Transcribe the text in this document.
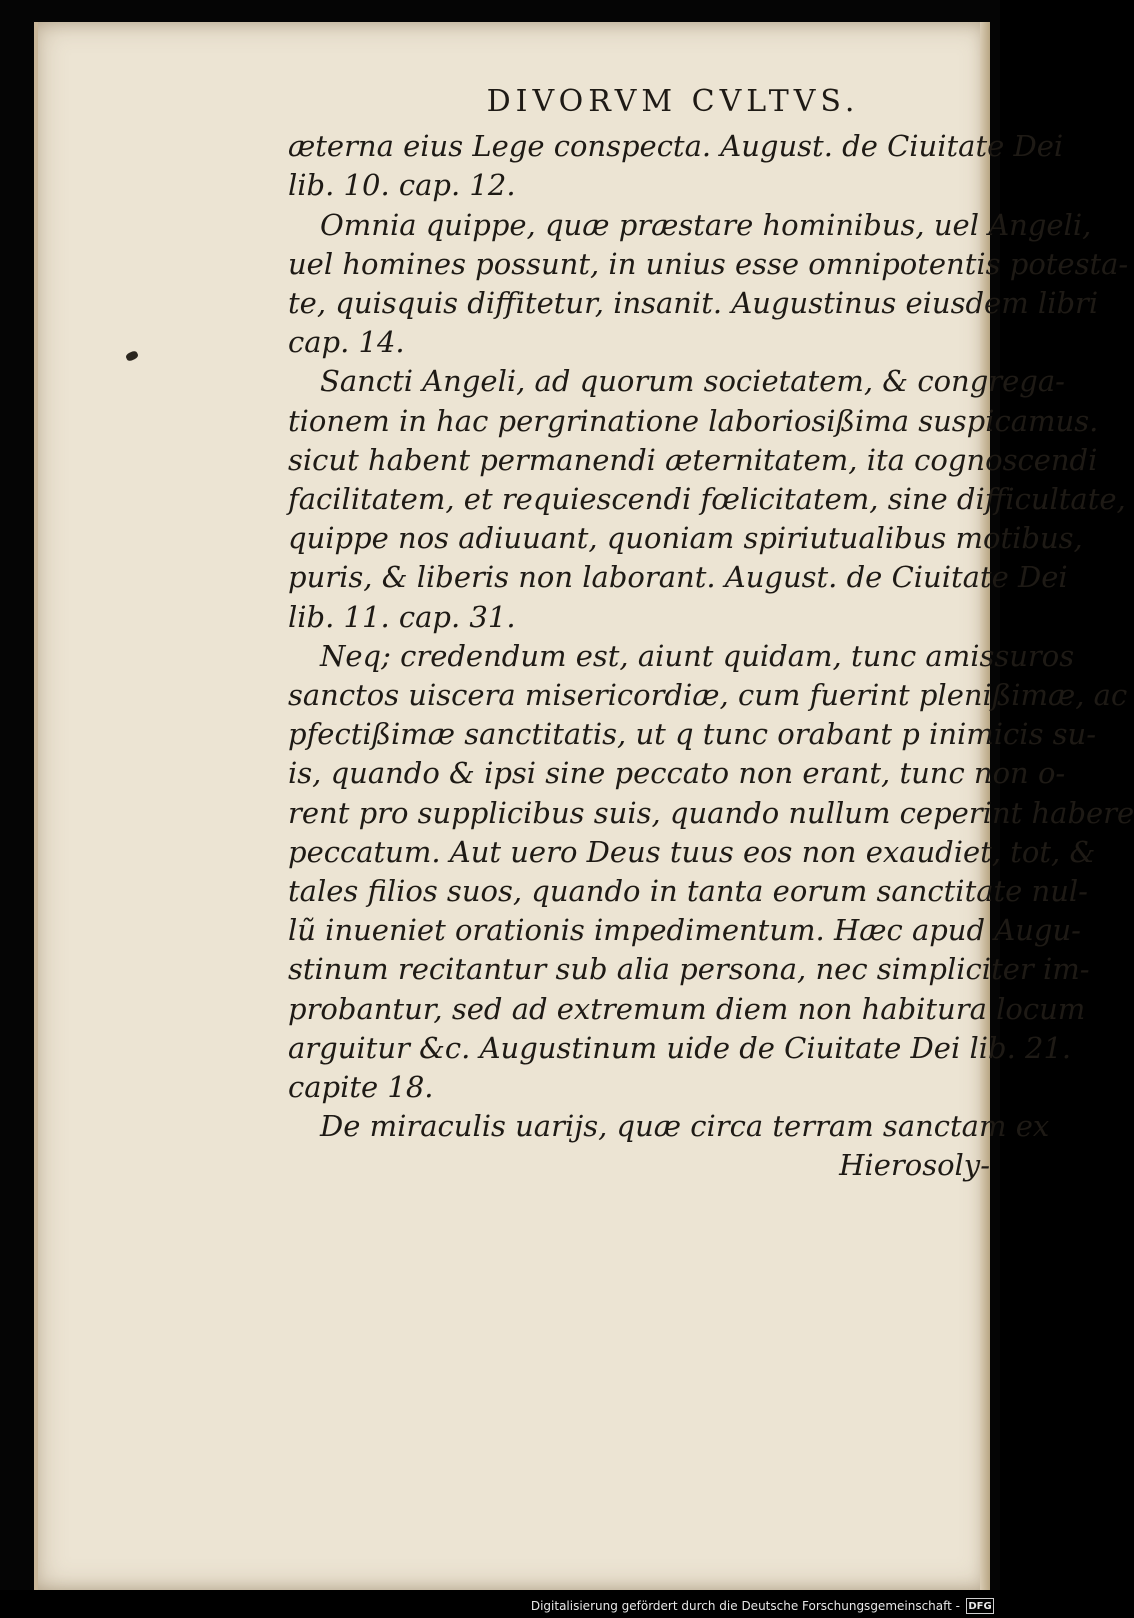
DIVORVM CVLTVS.
æterna eius Lege conspecta. August. de Ciuitate Dei
lib. 10. cap. 12.
Omnia quippe, quæ præstare hominibus, uel Angeli,
uel homines possunt, in unius esse omnipotentis potesta-
te, quisquis diffitetur, insanit. Augustinus eiusdem libri
cap. 14.
Sancti Angeli, ad quorum societatem, & congrega-
tionem in hac pergrinatione laboriosißima suspicamus.
sicut habent permanendi æternitatem, ita cognoscendi
facilitatem, et requiescendi fœlicitatem, sine difficultate,
quippe nos adiuuant, quoniam spiriutualibus motibus,
puris, & liberis non laborant. August. de Ciuitate Dei
lib. 11. cap. 31.
Neq; credendum est, aiunt quidam, tunc amissuros
sanctos uiscera misericordiæ, cum fuerint plenißimæ, ac
pfectißimæ sanctitatis, ut q tunc orabant p inimicis su-
is, quando & ipsi sine peccato non erant, tunc non o-
rent pro supplicibus suis, quando nullum ceperint habere
peccatum. Aut uero Deus tuus eos non exaudiet, tot, &
tales filios suos, quando in tanta eorum sanctitate nul-
lũ inueniet orationis impedimentum. Hæc apud Augu-
stinum recitantur sub alia persona, nec simpliciter im-
probantur, sed ad extremum diem non habitura locum
arguitur &c. Augustinum uide de Ciuitate Dei lib. 21.
capite 18.
De miraculis uarijs, quæ circa terram sanctam ex
Hierosoly-
Digitalisierung gefördert durch die Deutsche Forschungsgemeinschaft - DFG
